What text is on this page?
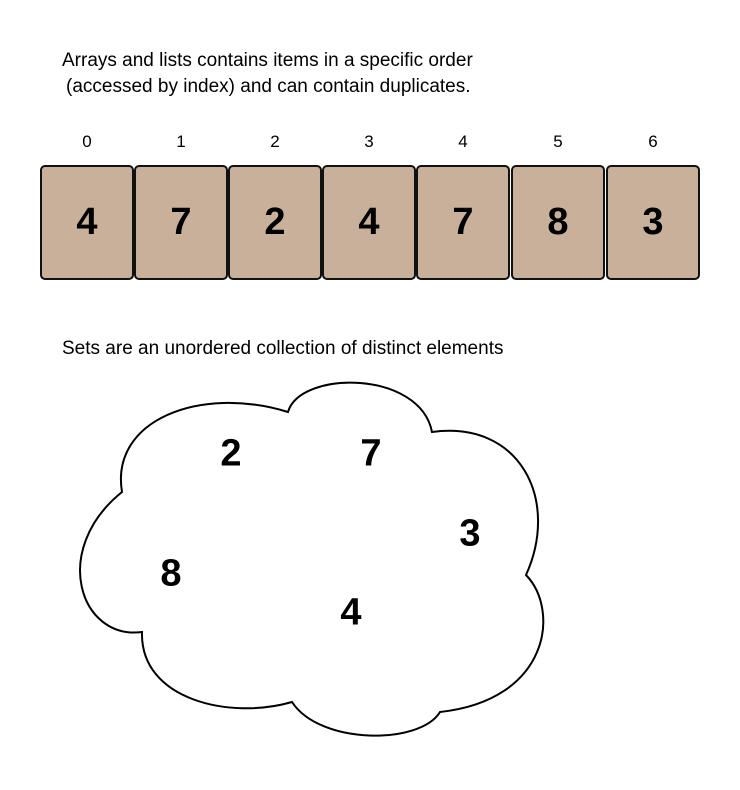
Arrays and lists contains items in a specific order
(accessed by index) and can contain duplicates.
0	1	2	3	4	5	6
4	7	2	4	7	8	3
Sets are an unordered collection of distinct elements
2	7
3
8
4
